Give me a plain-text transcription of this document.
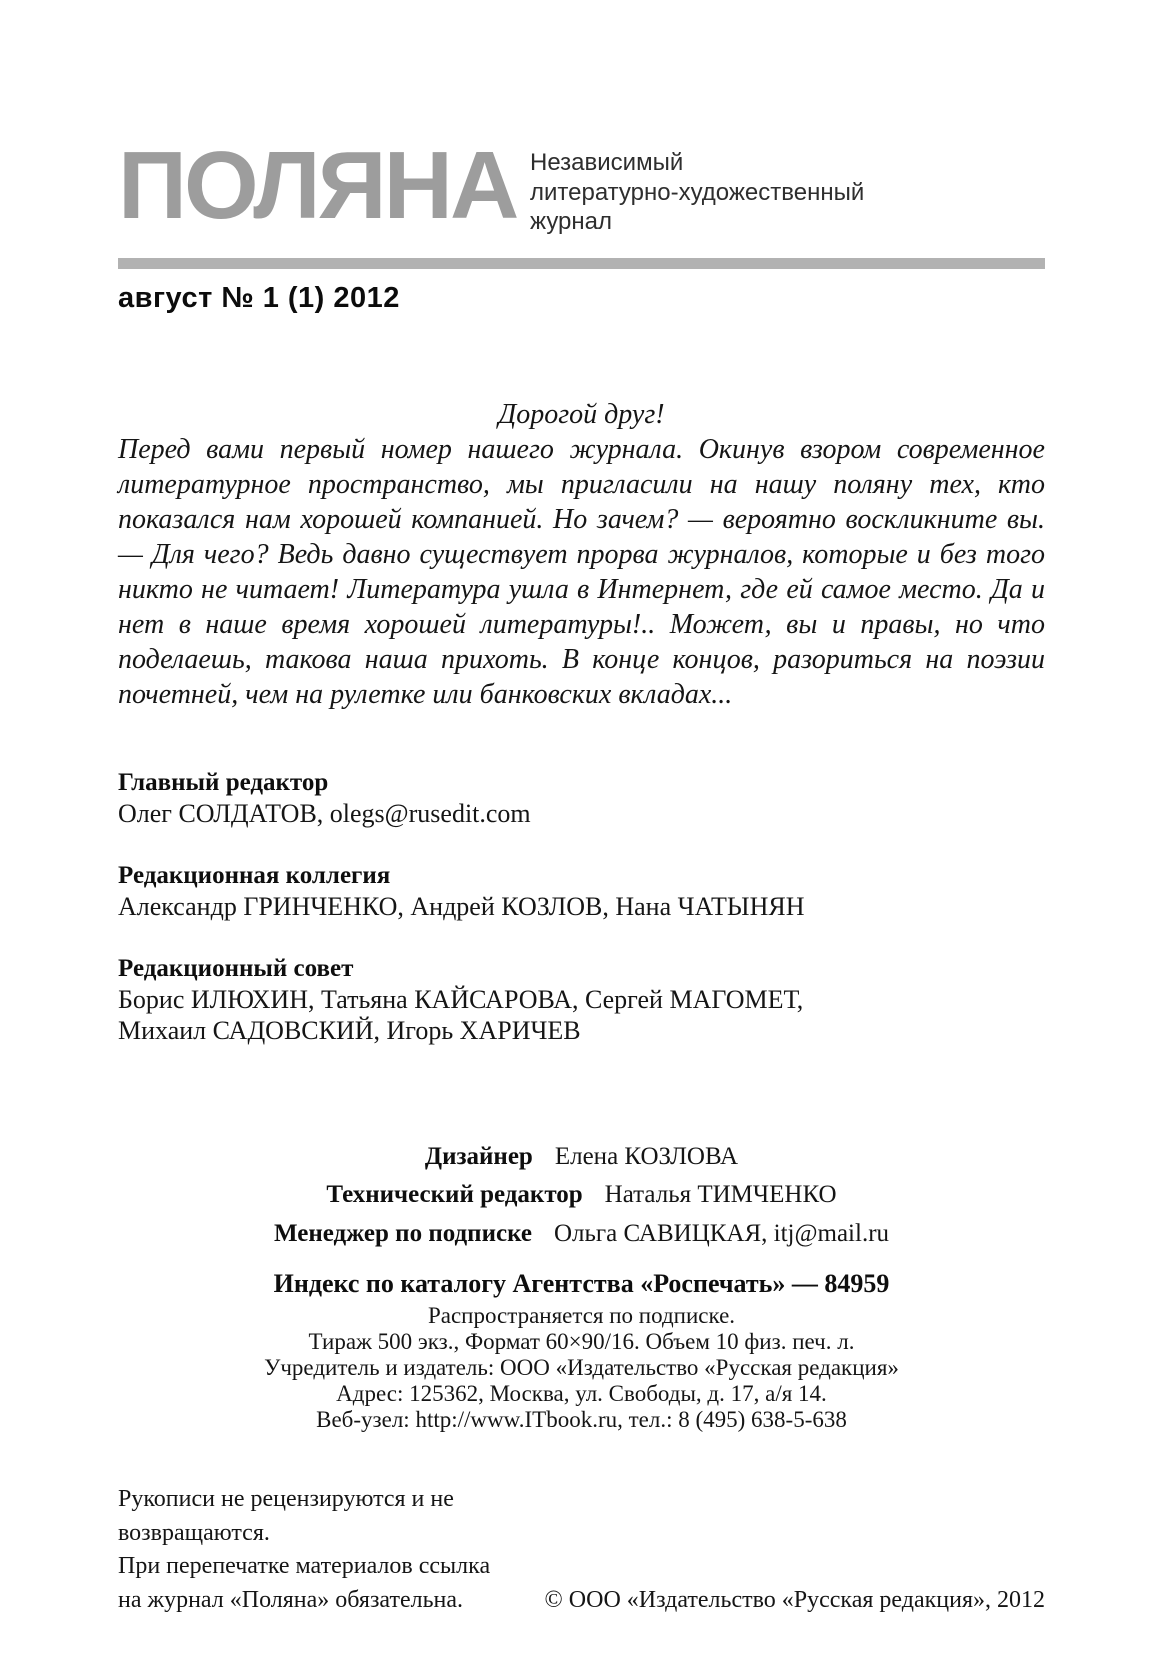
ПОЛЯНА Независимый
литературно-художественный
журнал
август № 1 (1) 2012
Дорогой друг!

Перед вами первый номер нашего журнала. Окинув взором современное литературное пространство, мы пригласили на нашу поляну тех, кто показался нам хорошей компанией. Но зачем? — вероятно воскликните вы. — Для чего? Ведь давно существует прорва журналов, которые и без того никто не читает! Литература ушла в Интернет, где ей самое место. Да и нет в наше время хорошей литературы!.. Может, вы и правы, но что поделаешь, такова наша прихоть. В конце концов, разориться на поэзии почетней, чем на рулетке или банковских вкладах...

Главный редактор
Олег СОЛДАТОВ, olegs@rusedit.com
Редакционная коллегия
Александр ГРИНЧЕНКО, Андрей КОЗЛОВ, Нана ЧАТЫНЯН
Редакционный совет
Борис ИЛЮХИН, Татьяна КАЙСАРОВА, Сергей МАГОМЕТ,
Михаил САДОВСКИЙ, Игорь ХАРИЧЕВ
Дизайнер Елена КОЗЛОВА
Технический редактор Наталья ТИМЧЕНКО
Менеджер по подписке Ольга САВИЦКАЯ, itj@mail.ru
Индекс по каталогу Агентства «Роспечать» — 84959
Распространяется по подписке.
Тираж 500 экз., Формат 60×90/16. Объем 10 физ. печ. л.
Учредитель и издатель: ООО «Издательство «Русская редакция»
Адрес: 125362, Москва, ул. Свободы, д. 17, а/я 14.
Веб-узел: http://www.ITbook.ru, тел.: 8 (495) 638-5-638
Рукописи не рецензируются и не возвращаются.
При перепечатке материалов ссылка
на журнал «Поляна» обязательна.	© ООО «Издательство «Русская редакция», 2012
